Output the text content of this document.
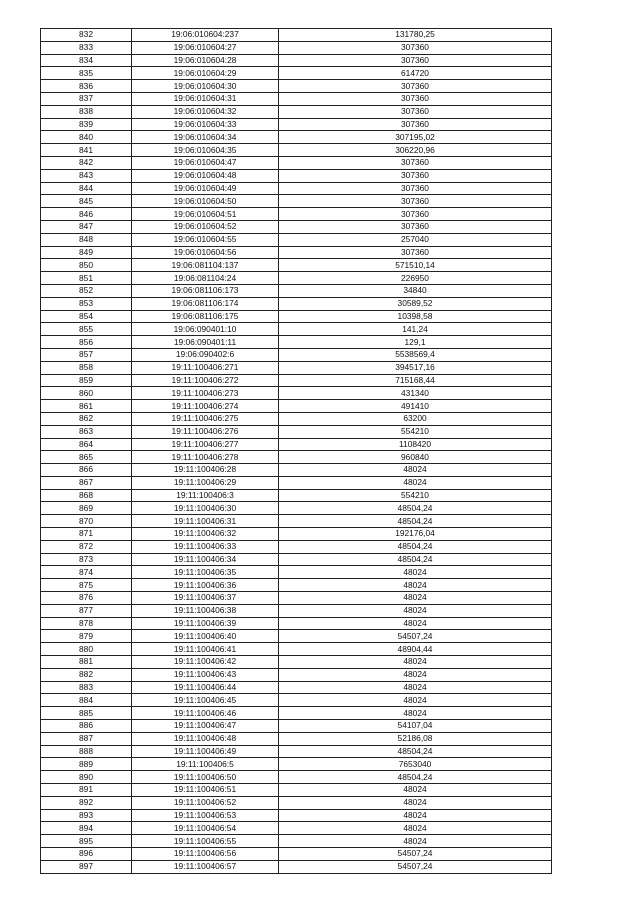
832	19:06:010604:237	131780,25
833	19:06:010604:27	307360
834	19:06:010604:28	307360
835	19:06:010604:29	614720
836	19:06:010604:30	307360
837	19:06:010604:31	307360
838	19:06:010604:32	307360
839	19:06:010604:33	307360
840	19:06:010604:34	307195,02
841	19:06:010604:35	306220,96
842	19:06:010604:47	307360
843	19:06:010604:48	307360
844	19:06:010604:49	307360
845	19:06:010604:50	307360
846	19:06:010604:51	307360
847	19:06:010604:52	307360
848	19:06:010604:55	257040
849	19:06:010604:56	307360
850	19:06:081104:137	571510,14
851	19:06:081104:24	226950
852	19:06:081106:173	34840
853	19:06:081106:174	30589,52
854	19:06:081106:175	10398,58
855	19:06:090401:10	141,24
856	19:06:090401:11	129,1
857	19:06:090402:6	5538569,4
858	19:11:100406:271	394517,16
859	19:11:100406:272	715168,44
860	19:11:100406:273	431340
861	19:11:100406:274	491410
862	19:11:100406:275	63200
863	19:11:100406:276	554210
864	19:11:100406:277	1108420
865	19:11:100406:278	960840
866	19:11:100406:28	48024
867	19:11:100406:29	48024
868	19:11:100406:3	554210
869	19:11:100406:30	48504,24
870	19:11:100406:31	48504,24
871	19:11:100406:32	192176,04
872	19:11:100406:33	48504,24
873	19:11:100406:34	48504,24
874	19:11:100406:35	48024
875	19:11:100406:36	48024
876	19:11:100406:37	48024
877	19:11:100406:38	48024
878	19:11:100406:39	48024
879	19:11:100406:40	54507,24
880	19:11:100406:41	48904,44
881	19:11:100406:42	48024
882	19:11:100406:43	48024
883	19:11:100406:44	48024
884	19:11:100406:45	48024
885	19:11:100406:46	48024
886	19:11:100406:47	54107,04
887	19:11:100406:48	52186,08
888	19:11:100406:49	48504,24
889	19:11:100406:5	7653040
890	19:11:100406:50	48504,24
891	19:11:100406:51	48024
892	19:11:100406:52	48024
893	19:11:100406:53	48024
894	19:11:100406:54	48024
895	19:11:100406:55	48024
896	19:11:100406:56	54507,24
897	19:11:100406:57	54507,24
